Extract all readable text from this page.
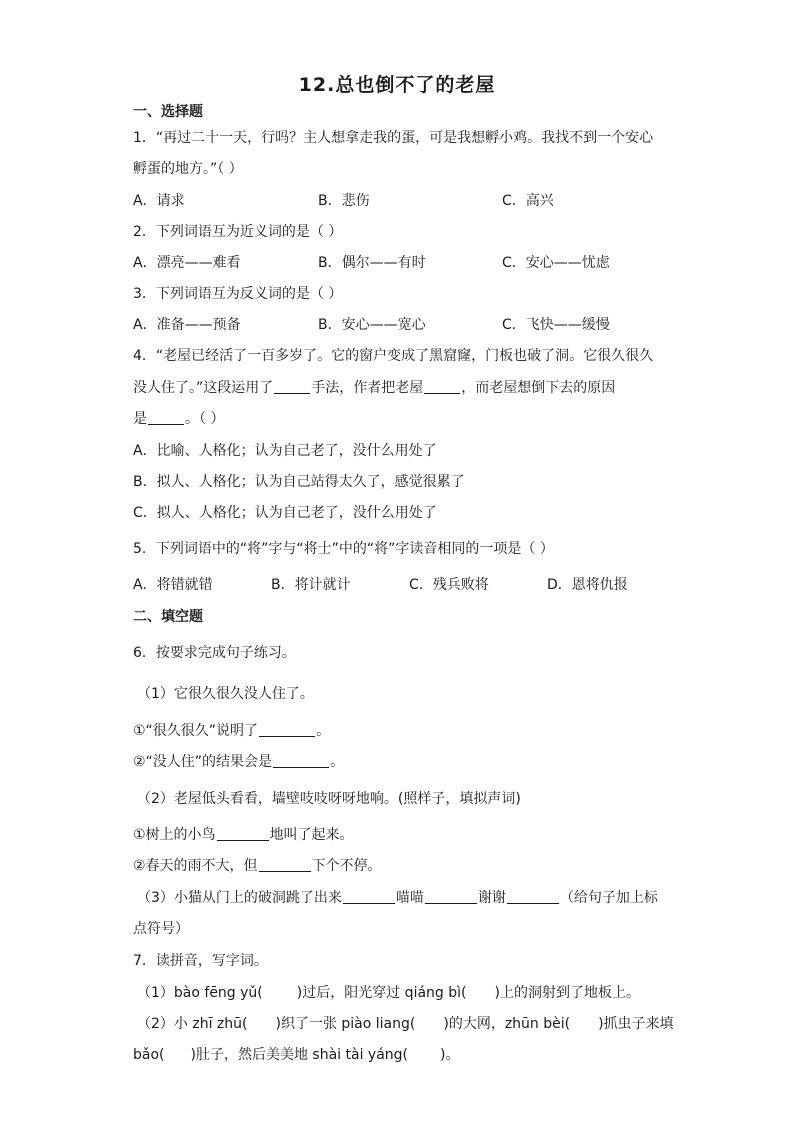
12.总也倒不了的老屋
一、选择题
1．“再过二十一天，行吗？主人想拿走我的蛋，可是我想孵小鸡。我找不到一个安心
孵蛋的地方。”（ ）
A．请求	B．悲伤	C．高兴
2．下列词语互为近义词的是（ ）
A．漂亮——难看	B．偶尔——有时	C．安心——忧虑
3．下列词语互为反义词的是（ ）
A．准备——预备	B．安心——宽心	C．飞快——缓慢
4．“老屋已经活了一百多岁了。它的窗户变成了黑窟窿，门板也破了洞。它很久很久
没人住了。”这段运用了	手法，作者把老屋	，而老屋想倒下去的原因
是	。（ ）
A．比喻、人格化；认为自己老了，没什么用处了
B．拟人、人格化；认为自己站得太久了，感觉很累了
C．拟人、人格化；认为自己老了，没什么用处了
5．下列词语中的“将”字与“将士”中的“将”字读音相同的一项是（ ）
A．将错就错	B．将计就计	C．残兵败将	D．恩将仇报
二、填空题
6．按要求完成句子练习。
（1）它很久很久没人住了。
①“很久很久”说明了	。
②“没人住”的结果会是	。
（2）老屋低头看看，墙壁吱吱呀呀地响。(照样子，填拟声词)
①树上的小鸟	地叫了起来。
②春天的雨不大，但	下个不停。
（3）小猫从门上的破洞跳了出来	喵喵	谢谢	（给句子加上标
点符号）
7．读拼音，写字词。
（1）bào fēng yǔ( )过后，阳光穿过 qiáng bì( )上的洞射到了地板上。
（2）小 zhī zhū( )织了一张 piào liang( )的大网，zhūn bèi( )抓虫子来填
bǎo( )肚子，然后美美地 shài tài yáng( )。
